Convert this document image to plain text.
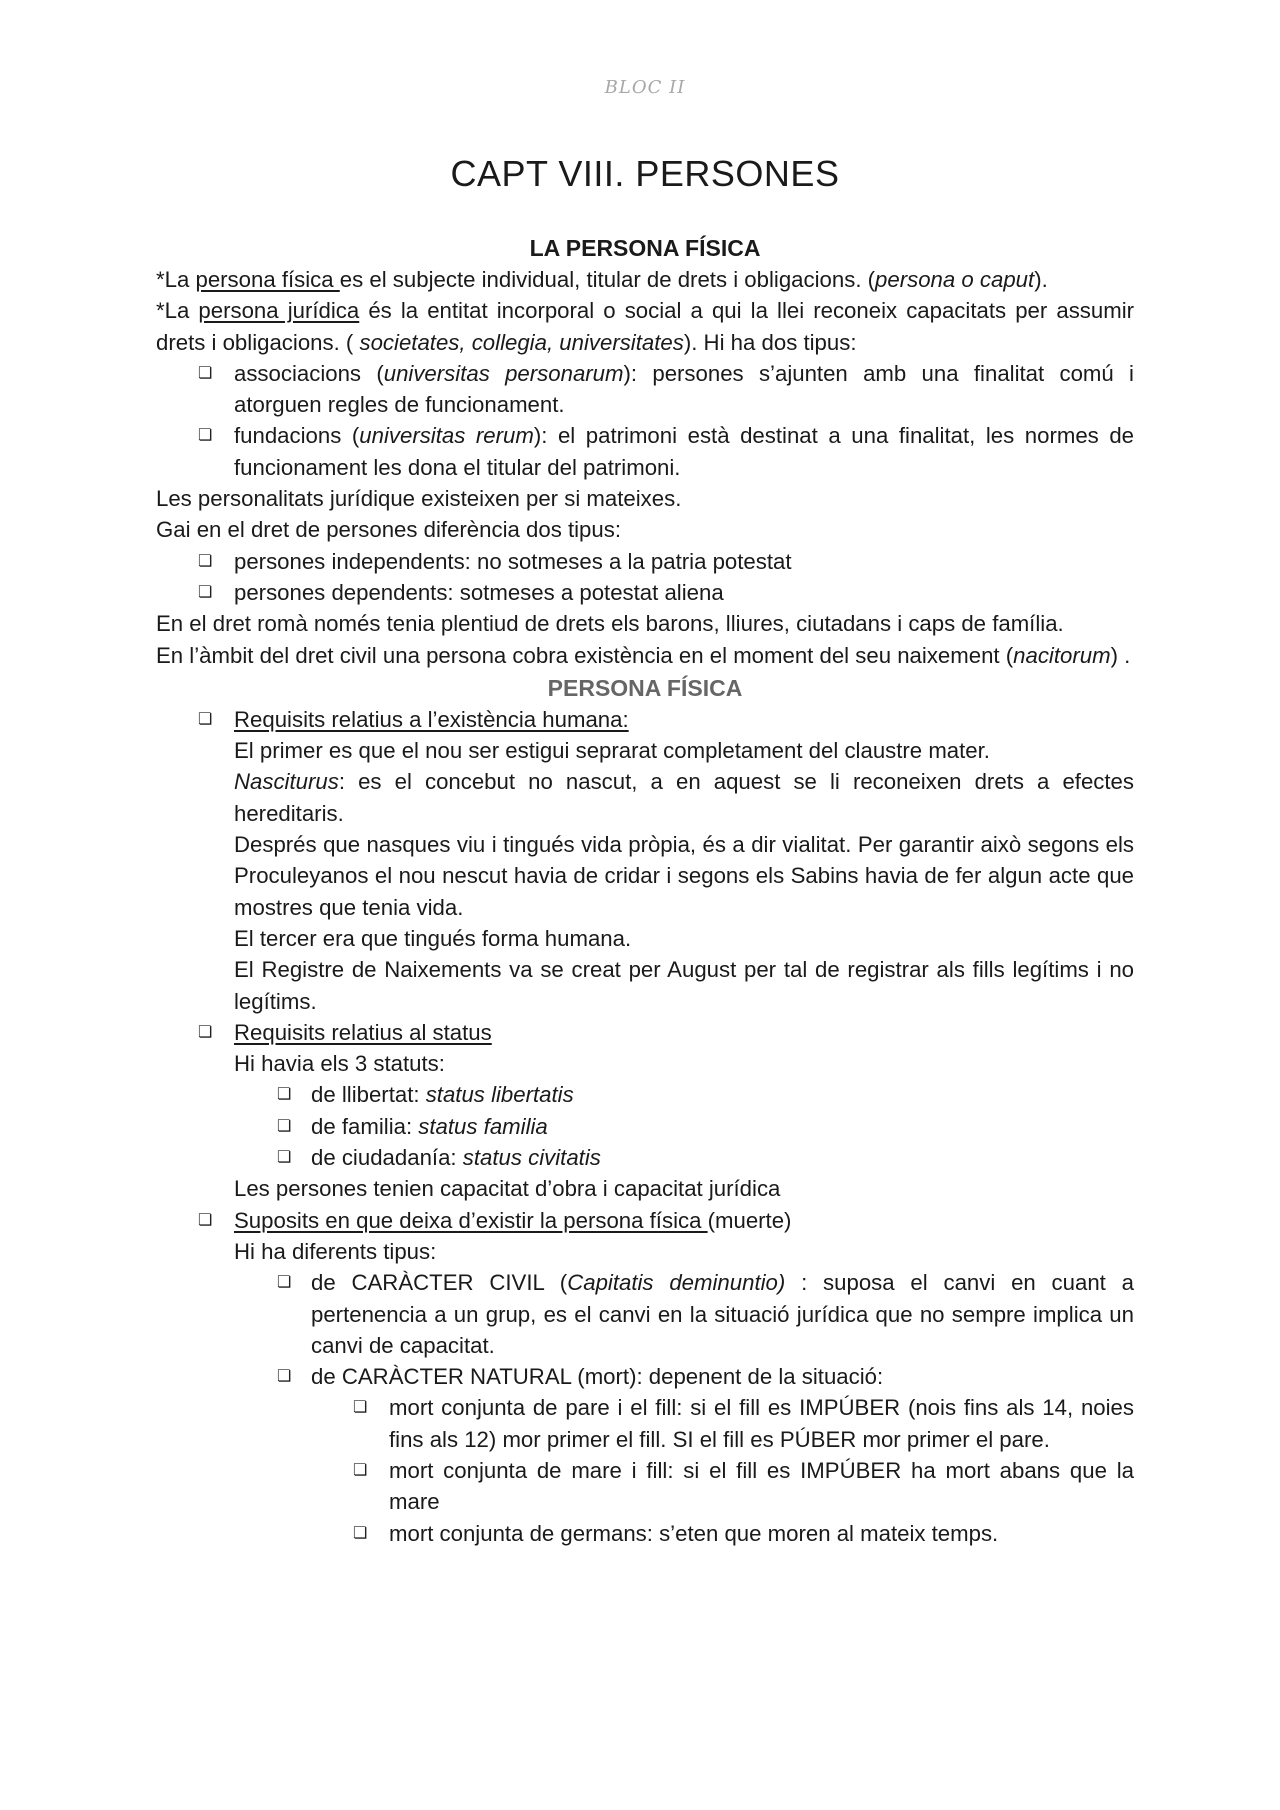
BLOC II
CAPT VIII. PERSONES
LA PERSONA FÍSICA

*La persona física es el subjecte individual, titular de drets i obligacions. (persona o caput).

*La persona jurídica és la entitat incorporal o social a qui la llei reconeix capacitats per assumir drets i obligacions. ( societates, collegia, universitates). Hi ha dos tipus:

❏ associacions (universitas personarum): persones s’ajunten amb una finalitat comú i atorguen regles de funcionament.
❏ fundacions (universitas rerum): el patrimoni està destinat a una finalitat, les normes de funcionament les dona el titular del patrimoni.

Les personalitats jurídique existeixen per si mateixes.

Gai en el dret de persones diferència dos tipus:

❏ persones independents: no sotmeses a la patria potestat
❏ persones dependents: sotmeses a potestat aliena

En el dret romà només tenia plentiud de drets els barons, lliures, ciutadans i caps de família.

En l’àmbit del dret civil una persona cobra existència en el moment del seu naixement (nacitorum) .

PERSONA FÍSICA
❏ Requisits relatius a l’existència humana:

El primer es que el nou ser estigui seprarat completament del claustre mater.

Nasciturus: es el concebut no nascut, a en aquest se li reconeixen drets a efectes hereditaris.

Després que nasques viu i tingués vida pròpia, és a dir vialitat. Per garantir això segons els Proculeyanos el nou nescut havia de cridar i segons els Sabins havia de fer algun acte que mostres que tenia vida.

El tercer era que tingués forma humana.

El Registre de Naixements va se creat per August per tal de registrar als fills legítims i no legítims.

❏ Requisits relatius al status

Hi havia els 3 statuts:

❏ de llibertat: status libertatis
❏ de familia: status familia
❏ de ciudadanía: status civitatis

Les persones tenien capacitat d’obra i capacitat jurídica

❏ Suposits en que deixa d’existir la persona física (muerte)

Hi ha diferents tipus:

❏ de CARÀCTER CIVIL (Capitatis deminuntio) : suposa el canvi en cuant a pertenencia a un grup, es el canvi en la situació jurídica que no sempre implica un canvi de capacitat.
❏ de CARÀCTER NATURAL (mort): depenent de la situació:
❏ mort conjunta de pare i el fill: si el fill es IMPÚBER (nois fins als 14, noies fins als 12) mor primer el fill. SI el fill es PÚBER mor primer el pare.
❏ mort conjunta de mare i fill: si el fill es IMPÚBER ha mort abans que la mare
❏ mort conjunta de germans: s’eten que moren al mateix temps.
